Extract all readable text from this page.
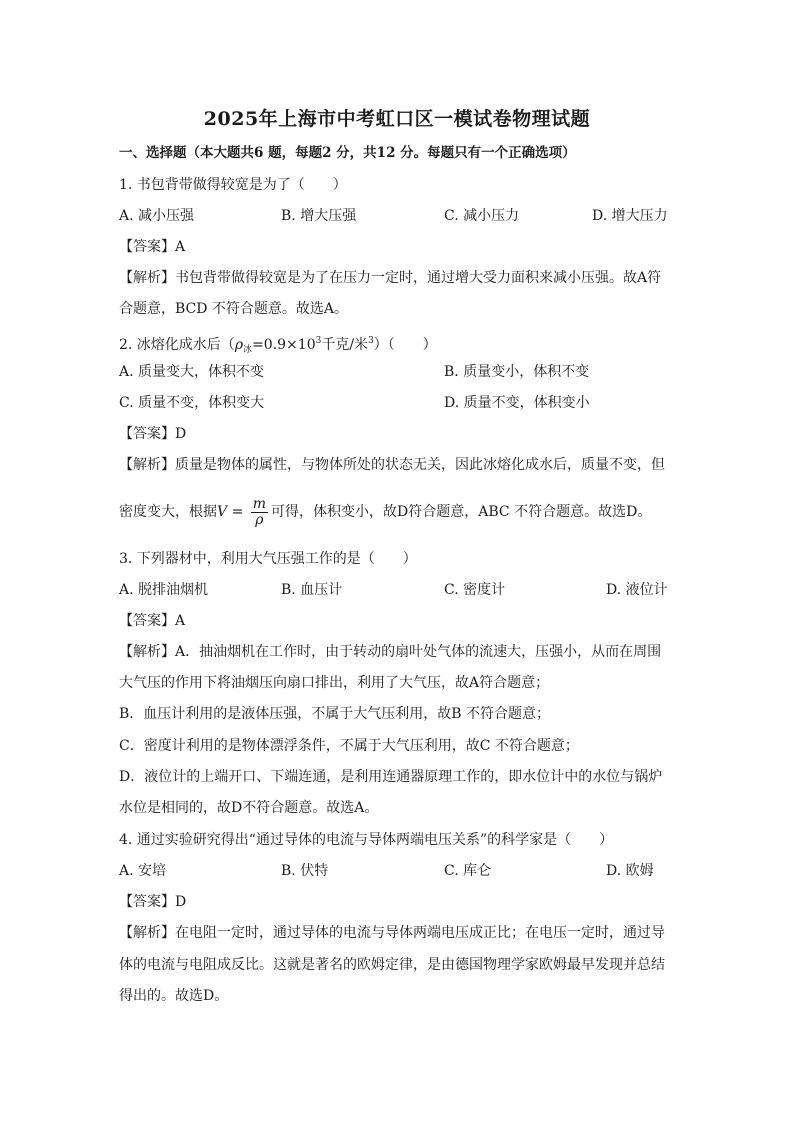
2025年上海市中考虹口区一模试卷物理试题
一、选择题（本大题共6 题，每题2 分，共12 分。每题只有一个正确选项）
1. 书包背带做得较宽是为了（　　）
A. 减小压强	B. 增大压强	C. 减小压力	D. 增大压力
【答案】A
【解析】书包背带做得较宽是为了在压力一定时，通过增大受力面积来减小压强。故A符
合题意，BCD 不符合题意。故选A。
2. 冰熔化成水后（$\rho_冰=0.9\times 10^3$千克/米$^3$）（　　）
A. 质量变大，体积不变	B. 质量变小，体积不变
C. 质量不变，体积变大	D. 质量不变，体积变小
【答案】D
【解析】质量是物体的属性，与物体所处的状态无关，因此冰熔化成水后，质量不变，但
密度变大，根据$V = \frac{m}{\rho}$ 可得，体积变小，故D符合题意，ABC 不符合题意。故选D。
3. 下列器材中，利用大气压强工作的是（　　）
A. 脱排油烟机	B. 血压计	C. 密度计	D. 液位计
【答案】A
【解析】A．抽油烟机在工作时，由于转动的扇叶处气体的流速大，压强小，从而在周围
大气压的作用下将油烟压向扇口排出，利用了大气压，故A符合题意；
B．血压计利用的是液体压强，不属于大气压利用，故B 不符合题意；
C．密度计利用的是物体漂浮条件，不属于大气压利用，故C 不符合题意；
D．液位计的上端开口、下端连通，是利用连通器原理工作的，即水位计中的水位与锅炉
水位是相同的，故D不符合题意。故选A。
4. 通过实验研究得出“通过导体的电流与导体两端电压关系”的科学家是（　　）
A. 安培	B. 伏特	C. 库仑	D. 欧姆
【答案】D
【解析】在电阻一定时，通过导体的电流与导体两端电压成正比；在电压一定时，通过导
体的电流与电阻成反比。这就是著名的欧姆定律，是由德国物理学家欧姆最早发现并总结
得出的。故选D。
